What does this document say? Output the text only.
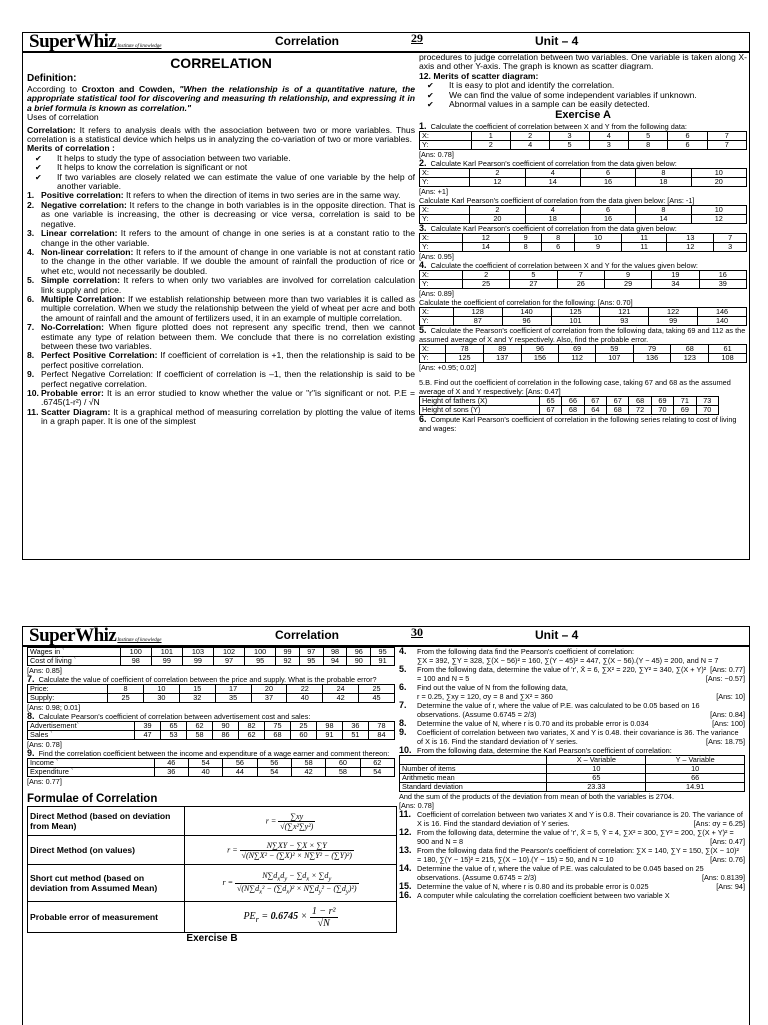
SuperWhizInstitute of knowledge	Correlation	29	Unit – 4
CORRELATION
Definition:
According to Croxton and Cowden, "When the relationship is of a quantitative nature, the appropriate statistical tool for discovering and measuring th relationship, and expressing it in a brief formula is known as correlation."
Uses of correlation
Correlation: It refers to analysis deals with the association between two or more variables. Thus correlation is a statistical device which helps us in analyzing the co-variation of two or more variables.
Merits of correlation :
✔ It helps to study the type of association between two variable.
✔ It helps to know the correlation is significant or not
✔ If two variables are closely related we can estimate the value of one variable by the help of another variable.
1. Positive correlation: It refers to when the direction of items in two series are in the same way.
2. Negative correlation: It refers to the change in both variables is in the opposite direction. That is as one variable is increasing, the other is decreasing or vice versa, correlation is said to be negative.
3. Linear correlation: It refers to the amount of change in one series is at a constant ratio to the change in the other variable.
4. Non-linear correlation: It refers to if the amount of change in one variable is not at constant ratio to the change in the other variable. If we double the amount of rainfall the production of rice or whet etc, would not necessarily be doubled.
5. Simple correlation: It refers to when only two variables are involved for correlation calculation link supply and price.
6. Multiple Correlation: If we establish relationship between more than two variables it is called as multiple correlation. When we study the relationship between the yield of wheat per acre and both the amount of rainfall and the amount of fertilizers used, it in an example of multiple correlation.
7. No-Correlation: When figure plotted does not represent any specific trend, then we cannot estimate any type of relation between them. We conclude that there is no correlation existing between these two variables.
8. Perfect Positive Correlation: If coefficient of correlation is +1, then the relationship is said to be perfect positive correlation.
9. Perfect Negative Correlation: If coefficient of correlation is –1, then the relationship is said to be perfect negative correlation.
10. Probable error: It is an error studied to know whether the value or "r"is significant or not. P.E = .6745(1-r²) / √N
11. Scatter Diagram: It is a graphical method of measuring correlation by plotting the value of items in a graph paper. It is one of the simplest
procedures to judge correlation between two variables. One variable is taken along X-axis and other Y-axis. The graph is known as scatter diagram.
12. Merits of scatter diagram:
✔ It is easy to plot and identify the correlation.
✔ We can find the value of some independent variables if unknown.
✔ Abnormal values in a sample can be easily detected.
Exercise A
1. Calculate the coefficient of correlation between X and Y from the following data:
X:	1	2	3	4	5	6	7
Y:	2	4	5	3	8	6	7
[Ans: 0.78]
2. Calculate Karl Pearson's coefficient of correlation from the data given below:
X:	2	4	6	8	10
Y:	12	14	16	18	20
[Ans: +1]
Calculate Karl Pearson's coefficient of correlation from the data given below: [Ans: -1]
X:	2	4	6	8	10
Y:	20	18	16	14	12
3. Calculate Karl Pearson's coefficient of correlation from the data given below:
X:	12	9	8	10	11	13	7
Y:	14	8	6	9	11	12	3
[Ans: 0.95]
4. Calculate the coefficient of correlation between X and Y for the values given below:
X:	2	5	7	9	19	16
Y:	25	27	26	29	34	39
[Ans: 0.89]
Calculate the coefficient of correlation for the following: [Ans: 0.70]
X:	128	140	125	121	122	146
Y:	87	96	101	93	99	140
5. Calculate the Pearson's coefficient of correlation from the following data, taking 69 and 112 as the assumed average of X and Y respectively. Also, find the probable error.
X:	78	89	96	69	59	79	68	61
Y:	125	137	156	112	107	136	123	108
[Ans: +0.95; 0.02]
5.B. Find out the coefficient of correlation in the following case, taking 67 and 68 as the assumed average of X and Y respectively: [Ans: 0.47]
Height of fathers (X)	65	66	67	67	68	69	71	73
Height of sons (Y)	67	68	64	68	72	70	69	70
6. Compute Karl Pearson's coefficient of correlation in the following series relating to cost of living and wages:
SuperWhizInstitute of knowledge	Correlation	30	Unit – 4
Wages in `	100	101	103	102	100	99	97	98	96	95
Cost of living `	98	99	99	97	95	92	95	94	90	91
[Ans: 0.85]
7. Calculate the value of coefficient of correlation between the price and supply. What is the probable error?
Price:	8	10	15	17	20	22	24	25
Supply:	25	30	32	35	37	40	42	45
[Ans: 0.98; 0.01]
8. Calculate Pearson's coefficient of correlation between advertisement cost and sales:
Advertisement`	39	65	62	90	82	75	25	98	36	78
Sales `	47	53	58	86	62	68	60	91	51	84
[Ans: 0.78]
9. Find the correlation coefficient between the income and expenditure of a wage earner and comment thereon:
Income `	46	54	56	56	58	60	62
Expenditure `	36	40	44	54	42	58	54
[Ans: 0.77]
Formulae of Correlation
Direct Method (based on deviation from Mean)	$r = \frac{\sum xy}{\text{√(∑x²∑y²)}}$

Direct Method (on values)	$r = \frac{N\sum XY - \sum X \times \sum Y}{\text{√(N∑X² − (∑X)² × N∑Y² − (∑Y)²)}}$

Short cut method (based on deviation from Assumed Mean)	$r = \frac{N\sum d_xd_y - \sum d_x \times \sum d_y}{√(N\sum d_x^2 - (\sum d_x)^2 \times N\sum d_y^2 - (\sum d_y)^2)}$

Probable error of measurement	$PE_r = 0.6745 \times \frac{\text{1 − r²}}{√N}$
Exercise B
4. From the following data find the Pearson's coefficient of correlation:
∑X = 392, ∑Y = 328, ∑(X − 56)² = 160, ∑(Y − 45)² = 447, ∑(X − 56).(Y − 45) = 200, and N = 7
[Ans: 0.77]
5. From the following data, determine the value of 'r', X̄ = 6, ∑X² = 220, ∑Y² = 340, ∑(X + Y)² = 100 and N = 5	[Ans: −0.57]
6. Find out the value of N from the following data,
r = 0.25, ∑xy = 120, σy = 8 and ∑X² = 360	[Ans: 10]
7. Determine the value of r, where the value of P.E. was calculated to be 0.05 based on 16 observations. (Assume 0.6745 = 2/3)	[Ans: 0.84]
8. Determine the value of N, where r is 0.70 and its probable error is 0.034	[Ans: 100]
9. Coefficient of correlation between two variates, X and Y is 0.48. their covariance is 36. The variance of X is 16. Find the standard deviation of Y series.	[Ans: 18.75]
10. From the following data, determine the Karl Pearson's coefficient of correlation:
	X – Variable	Y – Variable
Number of items	10	10
Arithmetic mean	65	66
Standard deviation	23.33	14.91
And the sum of the products of the deviation from mean of both the variables is 2704.
[Ans: 0.78]
11. Coefficient of correlation between two variates X and Y is 0.8. Their covariance is 20. The variance of X is 16. Find the standard deviation of Y series.	[Ans: σy = 6.25]
12. From the following data, determine the value of 'r', X̄ = 5, Ȳ = 4, ∑X² = 300, ∑Y² = 200, ∑(X + Y)² = 900 and N = 8	[Ans: 0.47]
13. From the following data find the Pearson's coefficient of correlation: ∑X = 140, ∑Y = 150, ∑(X − 10)² = 180, ∑(Y − 15)² = 215, ∑(X − 10).(Y − 15) = 50, and N = 10	[Ans: 0.76]
14. Determine the value of r, where the value of P.E. was calculated to be 0.045 based on 25 observations. (Assume 0.6745 = 2/3)	[Ans: 0.8139]
15. Determine the value of N, where r is 0.80 and its probable error is 0.025	[Ans: 94]
16. A computer while calculating the correlation coefficient between two variable X
